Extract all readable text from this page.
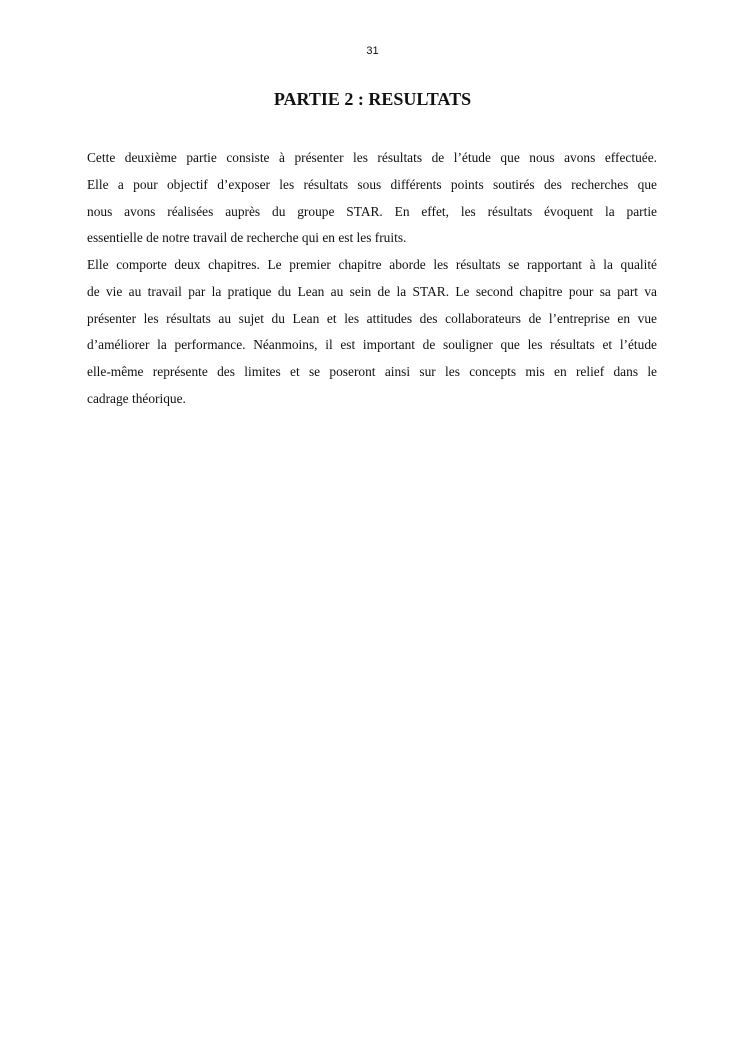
31
PARTIE 2 : RESULTATS
Cette deuxième partie consiste à présenter les résultats de l’étude que nous avons effectuée.
Elle a pour objectif d’exposer les résultats sous différents points soutirés des recherches que
nous avons réalisées auprès du groupe STAR. En effet, les résultats évoquent la partie
essentielle de notre travail de recherche qui en est les fruits.
Elle comporte deux chapitres. Le premier chapitre aborde les résultats se rapportant à la qualité
de vie au travail par la pratique du Lean au sein de la STAR. Le second chapitre pour sa part va
présenter les résultats au sujet du Lean et les attitudes des collaborateurs de l’entreprise en vue
d’améliorer la performance. Néanmoins, il est important de souligner que les résultats et l’étude
elle-même représente des limites et se poseront ainsi sur les concepts mis en relief dans le
cadrage théorique.
